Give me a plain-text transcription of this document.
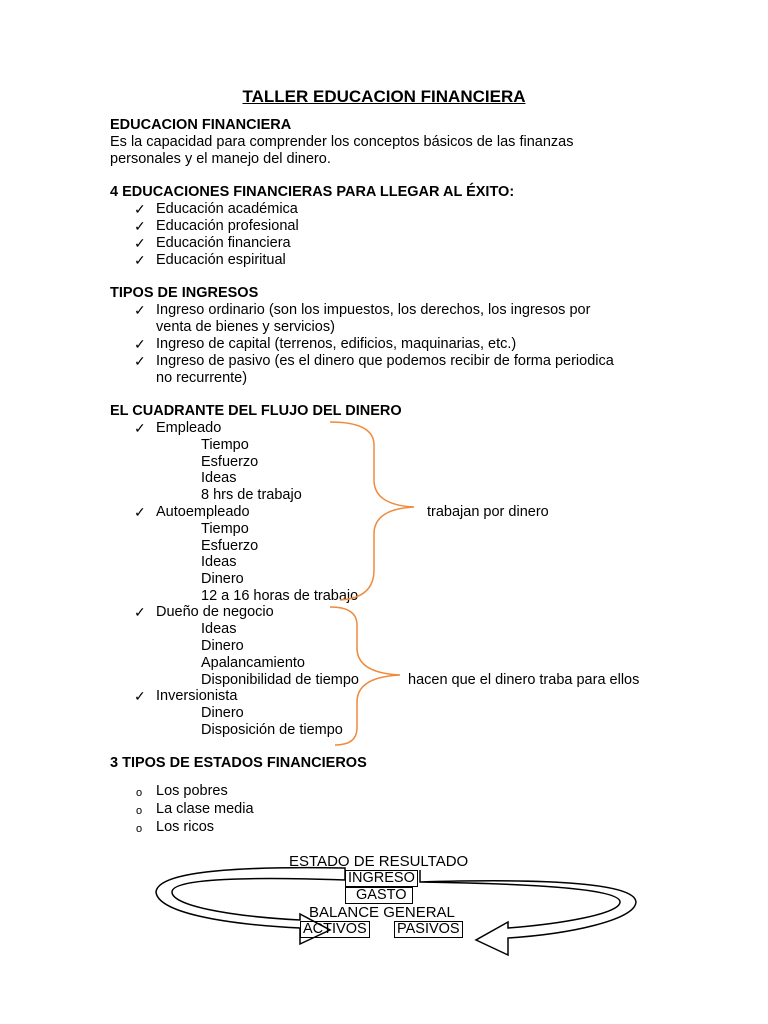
TALLER EDUCACION FINANCIERA
EDUCACION FINANCIERA
Es la capacidad para comprender los conceptos básicos de las finanzas
personales y el manejo del dinero.
4 EDUCACIONES FINANCIERAS PARA LLEGAR AL ÉXITO:
✓ Educación académica
✓ Educación profesional
✓ Educación financiera
✓ Educación espiritual
TIPOS DE INGRESOS
✓ Ingreso ordinario (son los impuestos, los derechos, los ingresos por
venta de bienes y servicios)
✓ Ingreso de capital (terrenos, edificios, maquinarias, etc.)
✓ Ingreso de pasivo (es el dinero que podemos recibir de forma periodica
no recurrente)
EL CUADRANTE DEL FLUJO DEL DINERO
✓ Empleado
Tiempo
Esfuerzo
Ideas
8 hrs de trabajo
✓ Autoempleado	trabajan por dinero
Tiempo
Esfuerzo
Ideas
Dinero
12 a 16 horas de trabajo
✓ Dueño de negocio
Ideas
Dinero
Apalancamiento
Disponibilidad de tiempo	hacen que el dinero traba para ellos
✓ Inversionista
Dinero
Disposición de tiempo
3 TIPOS DE ESTADOS FINANCIEROS
o Los pobres
o La clase media
o Los ricos
ESTADO DE RESULTADO
INGRESO
GASTO
BALANCE GENERAL
ACTIVOS PASIVOS
